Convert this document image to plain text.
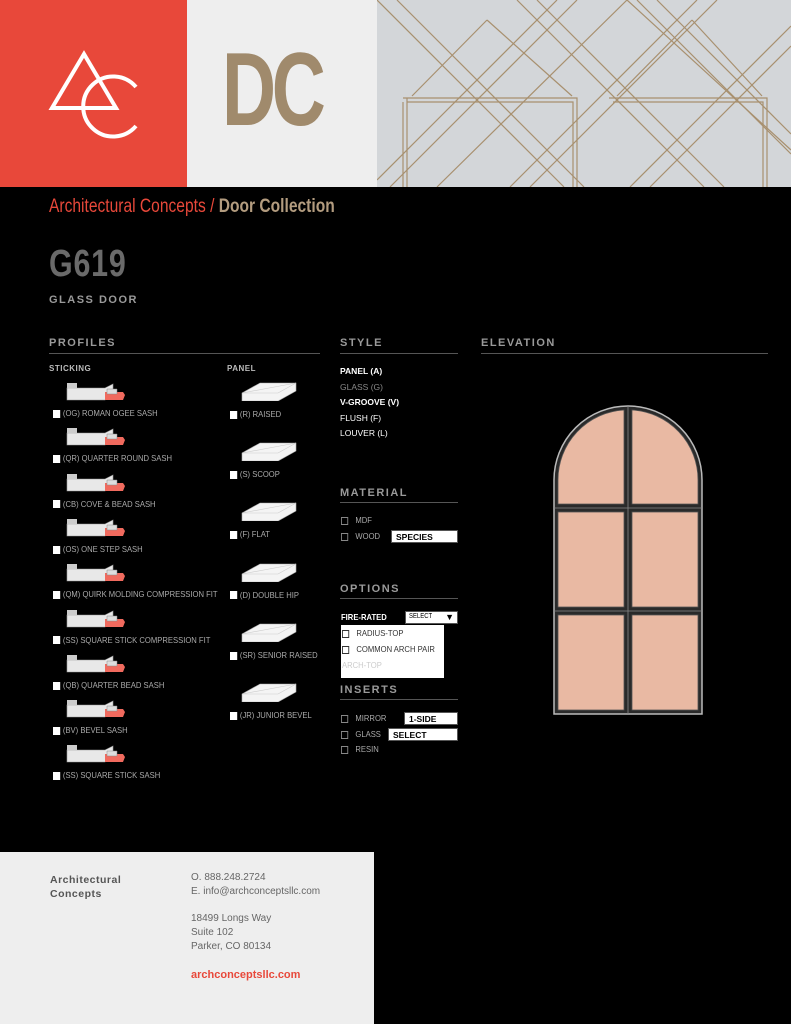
DC
Architectural Concepts / Door Collection
G619
GLASS DOOR
PROFILES	STYLE	ELEVATION
STICKING	PANEL
(OG) ROMAN OGEE SASH
(QR) QUARTER ROUND SASH
(CB) COVE & BEAD SASH
(OS) ONE STEP SASH
(QM) QUIRK MOLDING COMPRESSION FIT
(SS) SQUARE STICK COMPRESSION FIT
(QB) QUARTER BEAD SASH
(BV) BEVEL SASH
(SS) SQUARE STICK SASH
(R) RAISED
(S) SCOOP
(F) FLAT
(D) DOUBLE HIP
(SR) SENIOR RAISED
(JR) JUNIOR BEVEL
PANEL (A)
GLASS (G)
V-GROOVE (V)
FLUSH (F)
LOUVER (L)
MATERIAL
MDF
WOOD	SPECIES
OPTIONS
FIRE-RATED	SELECT ▼
RADIUS-TOP
COMMON ARCH PAIR
ARCH-TOP
INSERTS
MIRROR	1-SIDE
GLASS	SELECT
RESIN
Architectural
Concepts
O. 888.248.2724
E. info@archconceptsllc.com
18499 Longs Way
Suite 102
Parker, CO 80134
archconceptsllc.com
